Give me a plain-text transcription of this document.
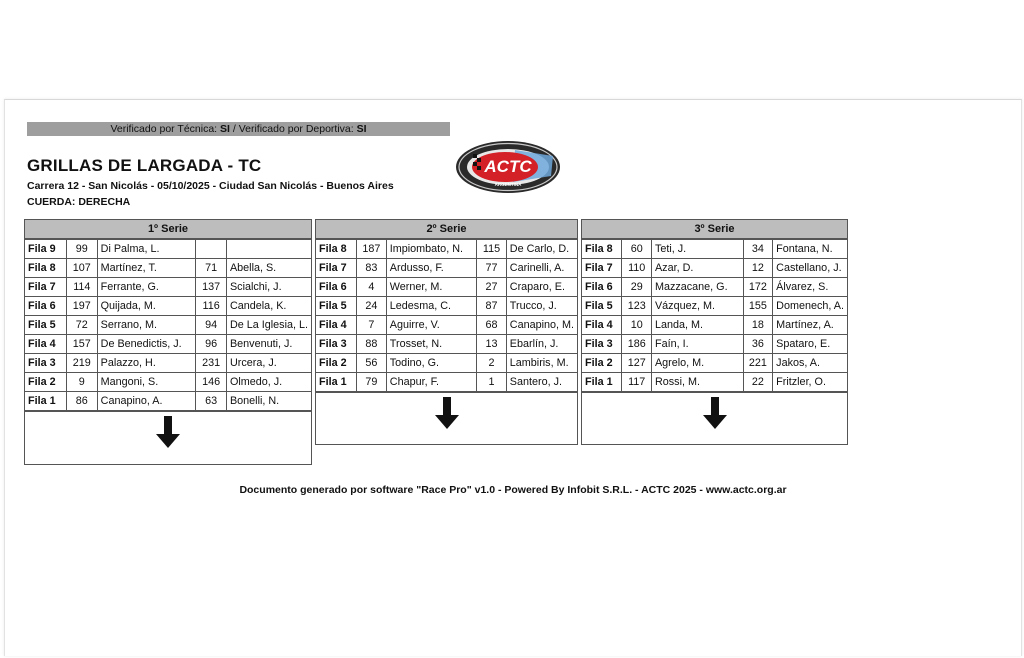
Verificado por Técnica: SI / Verificado por Deportiva: SI
GRILLAS DE LARGADA - TC
Carrera 12 - San Nicolás - 05/10/2025 - Ciudad San Nicolás - Buenos Aires
CUERDA: DERECHA
ACTC
ARGENTINA
1º Serie
Fila 9	99	Di Palma, L.		
Fila 8	107	Martínez, T.	71	Abella, S.
Fila 7	114	Ferrante, G.	137	Scialchi, J.
Fila 6	197	Quijada, M.	116	Candela, K.
Fila 5	72	Serrano, M.	94	De La Iglesia, L.
Fila 4	157	De Benedictis, J.	96	Benvenuti, J.
Fila 3	219	Palazzo, H.	231	Urcera, J.
Fila 2	9	Mangoni, S.	146	Olmedo, J.
Fila 1	86	Canapino, A.	63	Bonelli, N.
2º Serie
Fila 8	187	Impiombato, N.	115	De Carlo, D.
Fila 7	83	Ardusso, F.	77	Carinelli, A.
Fila 6	4	Werner, M.	27	Craparo, E.
Fila 5	24	Ledesma, C.	87	Trucco, J.
Fila 4	7	Aguirre, V.	68	Canapino, M.
Fila 3	88	Trosset, N.	13	Ebarlín, J.
Fila 2	56	Todino, G.	2	Lambiris, M.
Fila 1	79	Chapur, F.	1	Santero, J.
3º Serie
Fila 8	60	Teti, J.	34	Fontana, N.
Fila 7	110	Azar, D.	12	Castellano, J.
Fila 6	29	Mazzacane, G.	172	Álvarez, S.
Fila 5	123	Vázquez, M.	155	Domenech, A.
Fila 4	10	Landa, M.	18	Martínez, A.
Fila 3	186	Faín, I.	36	Spataro, E.
Fila 2	127	Agrelo, M.	221	Jakos, A.
Fila 1	117	Rossi, M.	22	Fritzler, O.
Documento generado por software "Race Pro" v1.0 - Powered By Infobit S.R.L. - ACTC 2025 - www.actc.org.ar
